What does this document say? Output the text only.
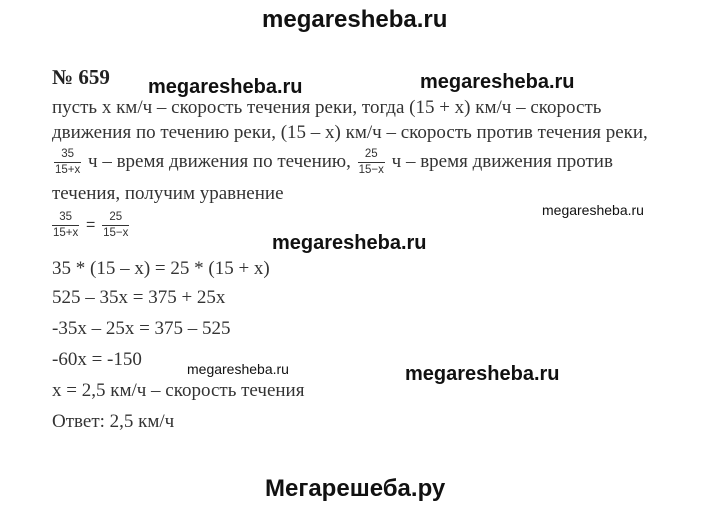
megaresheba.ru
megaresheba.ru	megaresheba.ru
megaresheba.ru
megaresheba.ru
megaresheba.ru	megaresheba.ru
Мегарешеба.ру
№ 659
пусть х км/ч – скорость течения реки, тогда (15 + х) км/ч – скорость
движения по течению реки, (15 – х) км/ч – скорость против течения реки,
$\frac{35}{15+x}$ ч – время движения по течению, $\frac{25}{15-x}$ ч – время движения против
течения, получим уравнение
$\frac{35}{15+x} = \frac{25}{15-x}$
35 * (15 – х) = 25 * (15 + х)
525 – 35х = 375 + 25х
-35х – 25х = 375 – 525
-60х = -150
х = 2,5 км/ч – скорость течения
Ответ: 2,5 км/ч
